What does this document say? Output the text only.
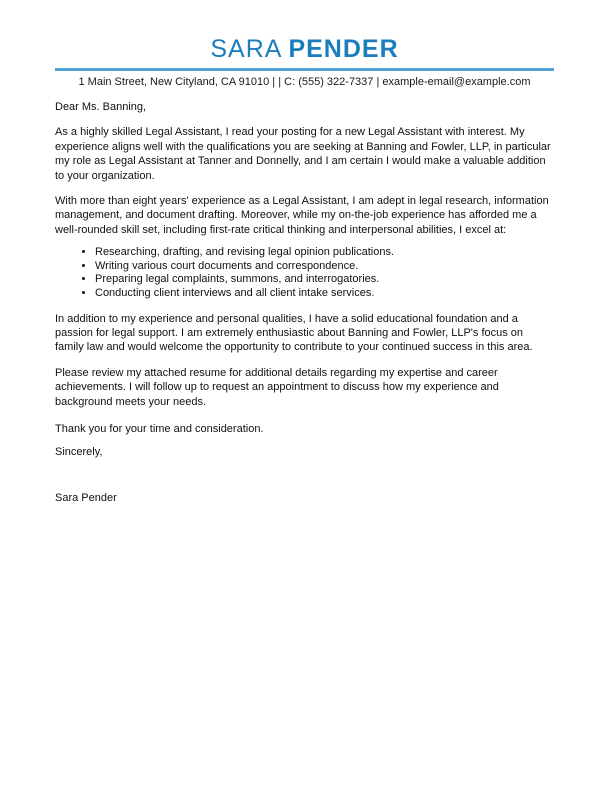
SARA PENDER
1 Main Street, New Cityland, CA 91010 | | C: (555) 322-7337 | example-email@example.com
Dear Ms. Banning,

As a highly skilled Legal Assistant, I read your posting for a new Legal Assistant with interest. My experience aligns well with the qualifications you are seeking at Banning and Fowler, LLP, in particular my role as Legal Assistant at Tanner and Donnelly, and I am certain I would make a valuable addition to your organization.

With more than eight years' experience as a Legal Assistant, I am adept in legal research, information management, and document drafting. Moreover, while my on-the-job experience has afforded me a well-rounded skill set, including first-rate critical thinking and interpersonal abilities, I excel at:

• Researching, drafting, and revising legal opinion publications.
• Writing various court documents and correspondence.
• Preparing legal complaints, summons, and interrogatories.
• Conducting client interviews and all client intake services.

In addition to my experience and personal qualities, I have a solid educational foundation and a passion for legal support. I am extremely enthusiastic about Banning and Fowler, LLP's focus on family law and would welcome the opportunity to contribute to your continued success in this area.

Please review my attached resume for additional details regarding my expertise and career achievements. I will follow up to request an appointment to discuss how my experience and background meets your needs.

Thank you for your time and consideration.
Sincerely,
Sara Pender
